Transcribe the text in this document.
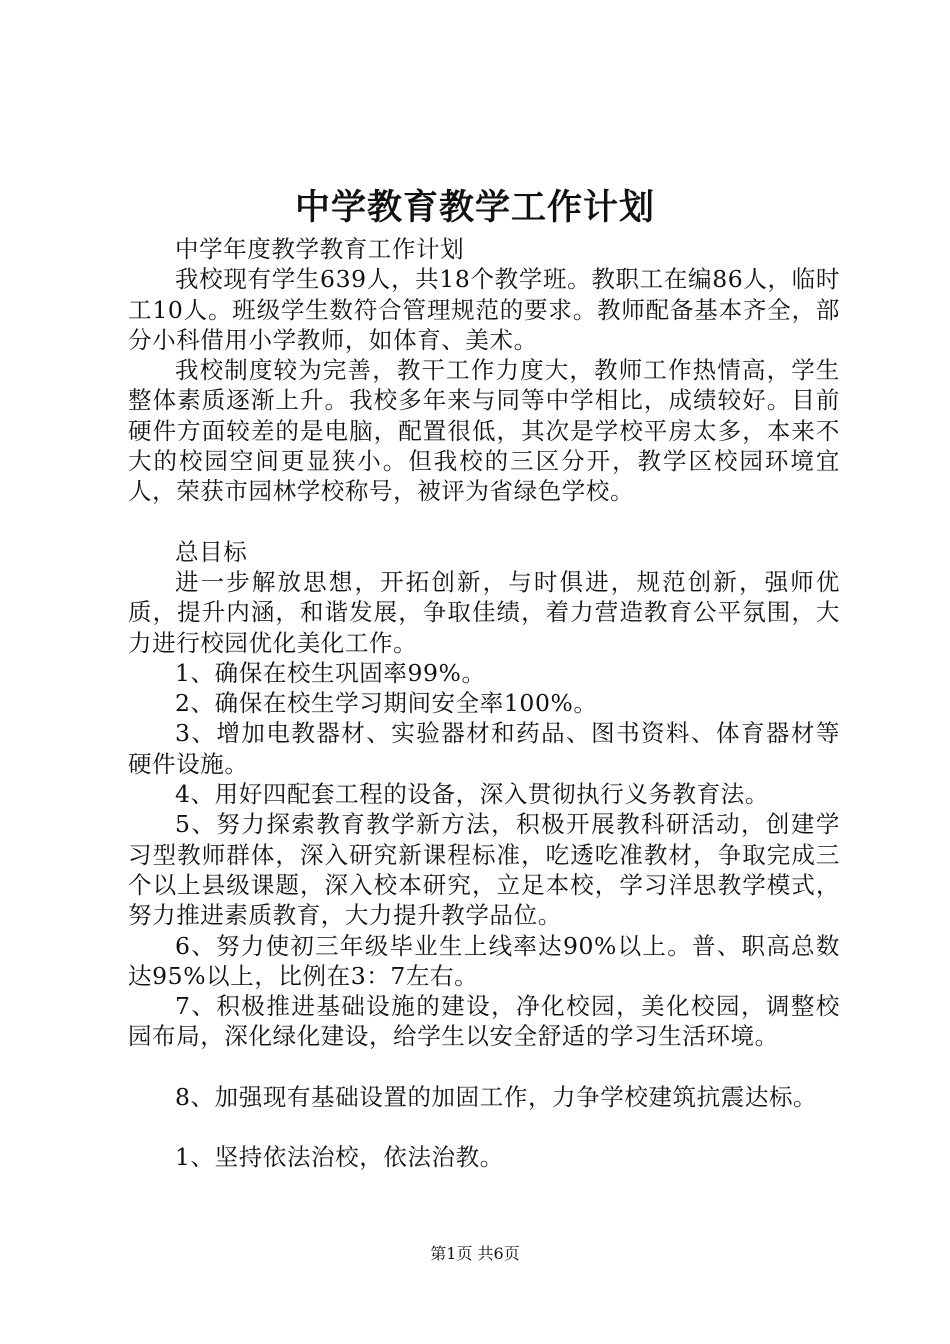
中学教育教学工作计划

中学年度教学教育工作计划

我校现有学生639人，共18个教学班。教职工在编86人，临时工10人。班级学生数符合管理规范的要求。教师配备基本齐全，部分小科借用小学教师，如体育、美术。

我校制度较为完善，教干工作力度大，教师工作热情高，学生整体素质逐渐上升。我校多年来与同等中学相比，成绩较好。目前硬件方面较差的是电脑，配置很低，其次是学校平房太多，本来不大的校园空间更显狭小。但我校的三区分开，教学区校园环境宜人，荣获市园林学校称号，被评为省绿色学校。

总目标

进一步解放思想，开拓创新，与时俱进，规范创新，强师优质，提升内涵，和谐发展，争取佳绩，着力营造教育公平氛围，大力进行校园优化美化工作。

1、确保在校生巩固率99%。

2、确保在校生学习期间安全率100%。

3、增加电教器材、实验器材和药品、图书资料、体育器材等硬件设施。

4、用好四配套工程的设备，深入贯彻执行义务教育法。

5、努力探索教育教学新方法，积极开展教科研活动，创建学习型教师群体，深入研究新课程标准，吃透吃准教材，争取完成三个以上县级课题，深入校本研究，立足本校，学习洋思教学模式，努力推进素质教育，大力提升教学品位。

6、努力使初三年级毕业生上线率达90%以上。普、职高总数达95%以上，比例在3：7左右。

7、积极推进基础设施的建设，净化校园，美化校园，调整校园布局，深化绿化建设，给学生以安全舒适的学习生活环境。

8、加强现有基础设置的加固工作，力争学校建筑抗震达标。

1、坚持依法治校，依法治教。

第1页 共6页
